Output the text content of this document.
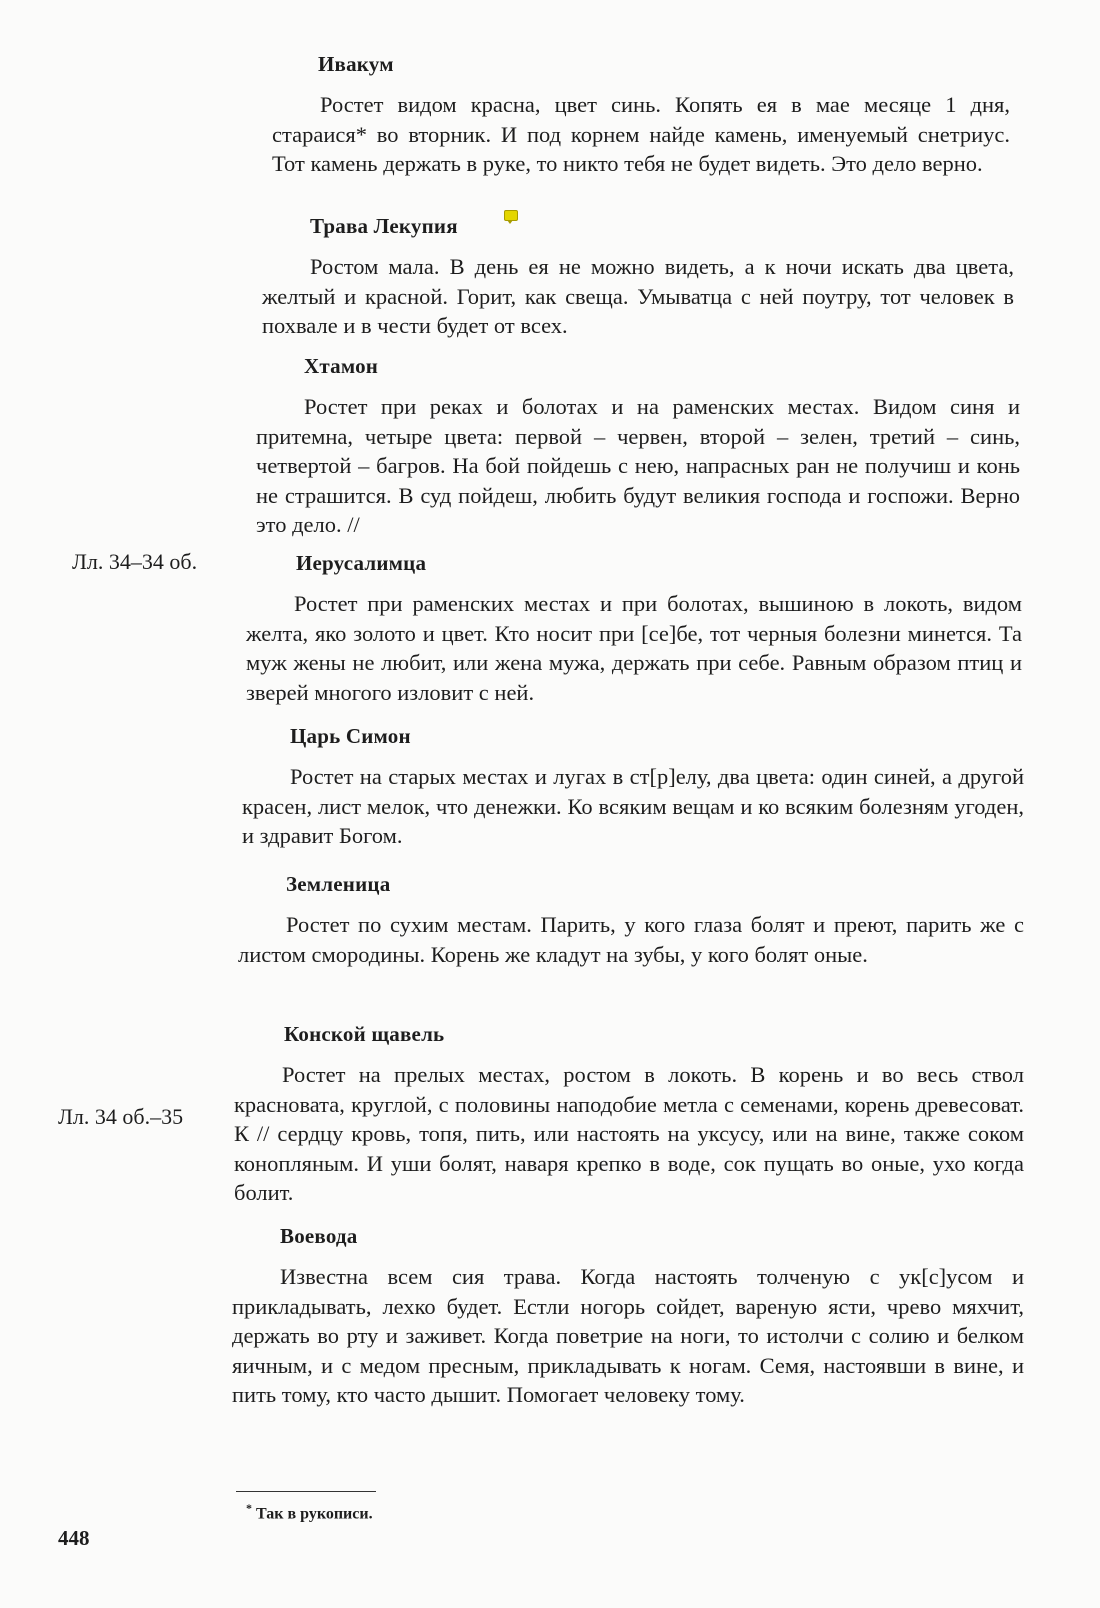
Ивакум

Ростет видом красна, цвет синь. Копять ея в мае месяце 1 дня, стараися* во вторник. И под корнем найде камень, именуемый снетриус. Тот камень держать в руке, то никто тебя не будет видеть. Это дело верно.

Трава Лекупия

Ростом мала. В день ея не можно видеть, а к ночи искать два цвета, желтый и красной. Горит, как свеща. Умыватца с ней поутру, тот человек в похвале и в чести будет от всех.

Хтамон

Ростет при реках и болотах и на раменских местах. Видом синя и притемна, четыре цвета: первой – червен, второй – зелен, третий – синь, четвертой – багров. На бой пойдешь с нею, напрасных ран не получиш и конь не страшится. В суд пойдеш, любить будут великия господа и госпожи. Верно это дело. //

Лл. 34–34 об.	Иерусалимца

Ростет при раменских местах и при болотах, вышиною в локоть, видом желта, яко золото и цвет. Кто носит при [се]бе, тот черныя болезни минется. Та муж жены не любит, или жена мужа, держать при себе. Равным образом птиц и зверей многого изловит с ней.

Царь Симон

Ростет на старых местах и лугах в ст[р]елу, два цвета: один синей, а другой красен, лист мелок, что денежки. Ко всяким вещам и ко всяким болезням угоден, и здравит Богом.

Земленица

Ростет по сухим местам. Парить, у кого глаза болят и преют, парить же с листом смородины. Корень же кладут на зубы, у кого болят оные.

Лл. 34 об.–35
Конской щавель

Ростет на прелых местах, ростом в локоть. В корень и во весь ствол красновата, круглой, с половины наподобие метла с семенами, корень древесоват. К // сердцу кровь, топя, пить, или настоять на уксусу, или на вине, также соком конопляным. И уши болят, наваря крепко в воде, сок пущать во оные, ухо когда болит.

Воевода

Известна всем сия трава. Когда настоять толченую с ук[с]усом и прикладывать, лехко будет. Естли ногорь сойдет, вареную ясти, чрево мяхчит, держать во рту и заживет. Когда поветрие на ноги, то истолчи с солию и белком яичным, и с медом пресным, прикладывать к ногам. Семя, настоявши в вине, и пить тому, кто часто дышит. Помогает человеку тому.

* Так в рукописи.
448
